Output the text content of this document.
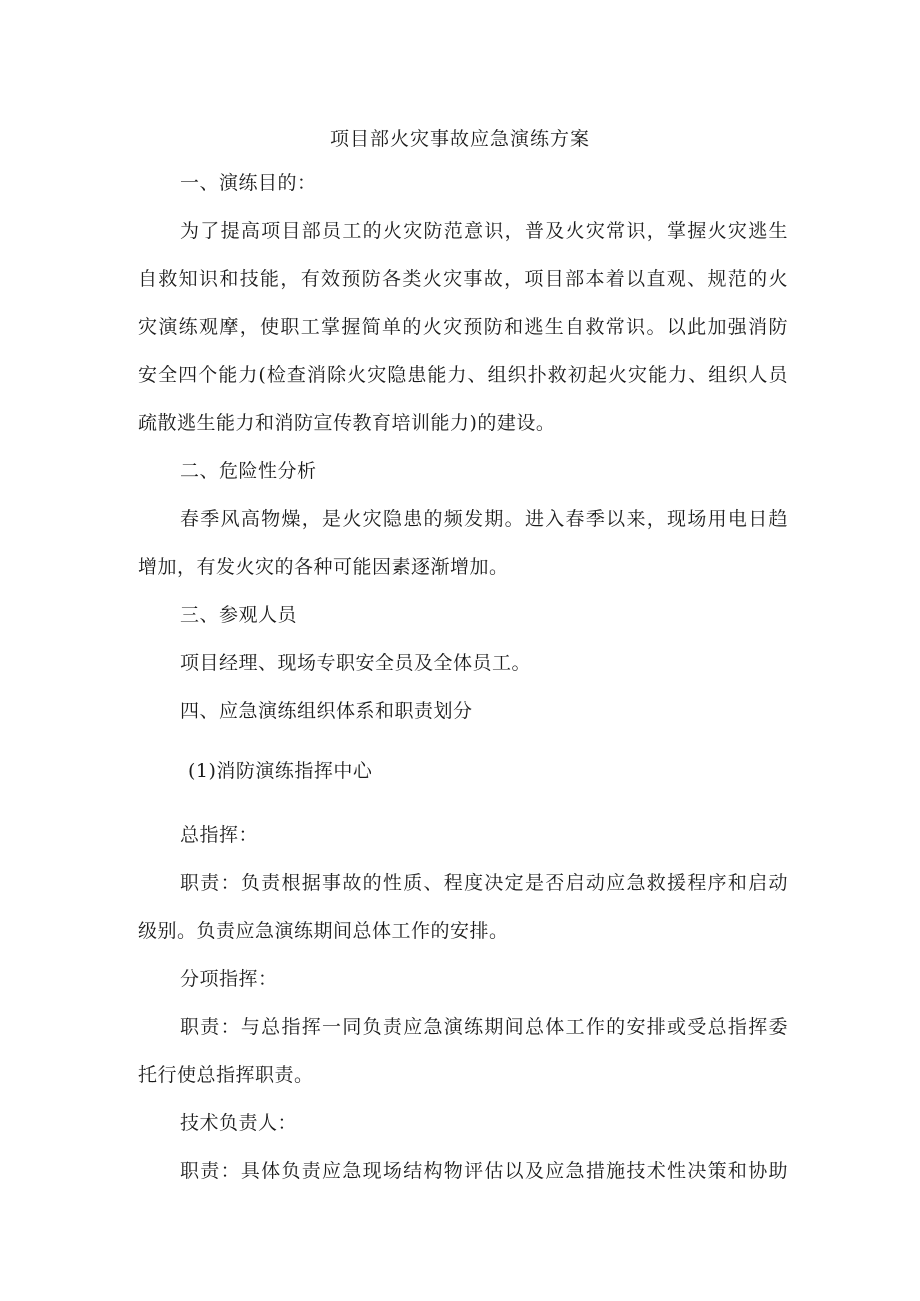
项目部火灾事故应急演练方案
一、演练目的：
为了提高项目部员工的火灾防范意识，普及火灾常识，掌握火灾逃生
自救知识和技能，有效预防各类火灾事故，项目部本着以直观、规范的火
灾演练观摩，使职工掌握简单的火灾预防和逃生自救常识。以此加强消防
安全四个能力(检查消除火灾隐患能力、组织扑救初起火灾能力、组织人员
疏散逃生能力和消防宣传教育培训能力)的建设。
二、危险性分析
春季风高物燥，是火灾隐患的频发期。进入春季以来，现场用电日趋
增加，有发火灾的各种可能因素逐渐增加。
三、参观人员
项目经理、现场专职安全员及全体员工。
四、应急演练组织体系和职责划分
(1)消防演练指挥中心
总指挥：
职责：负责根据事故的性质、程度决定是否启动应急救援程序和启动
级别。负责应急演练期间总体工作的安排。
分项指挥：
职责：与总指挥一同负责应急演练期间总体工作的安排或受总指挥委
托行使总指挥职责。
技术负责人：
职责：具体负责应急现场结构物评估以及应急措施技术性决策和协助
